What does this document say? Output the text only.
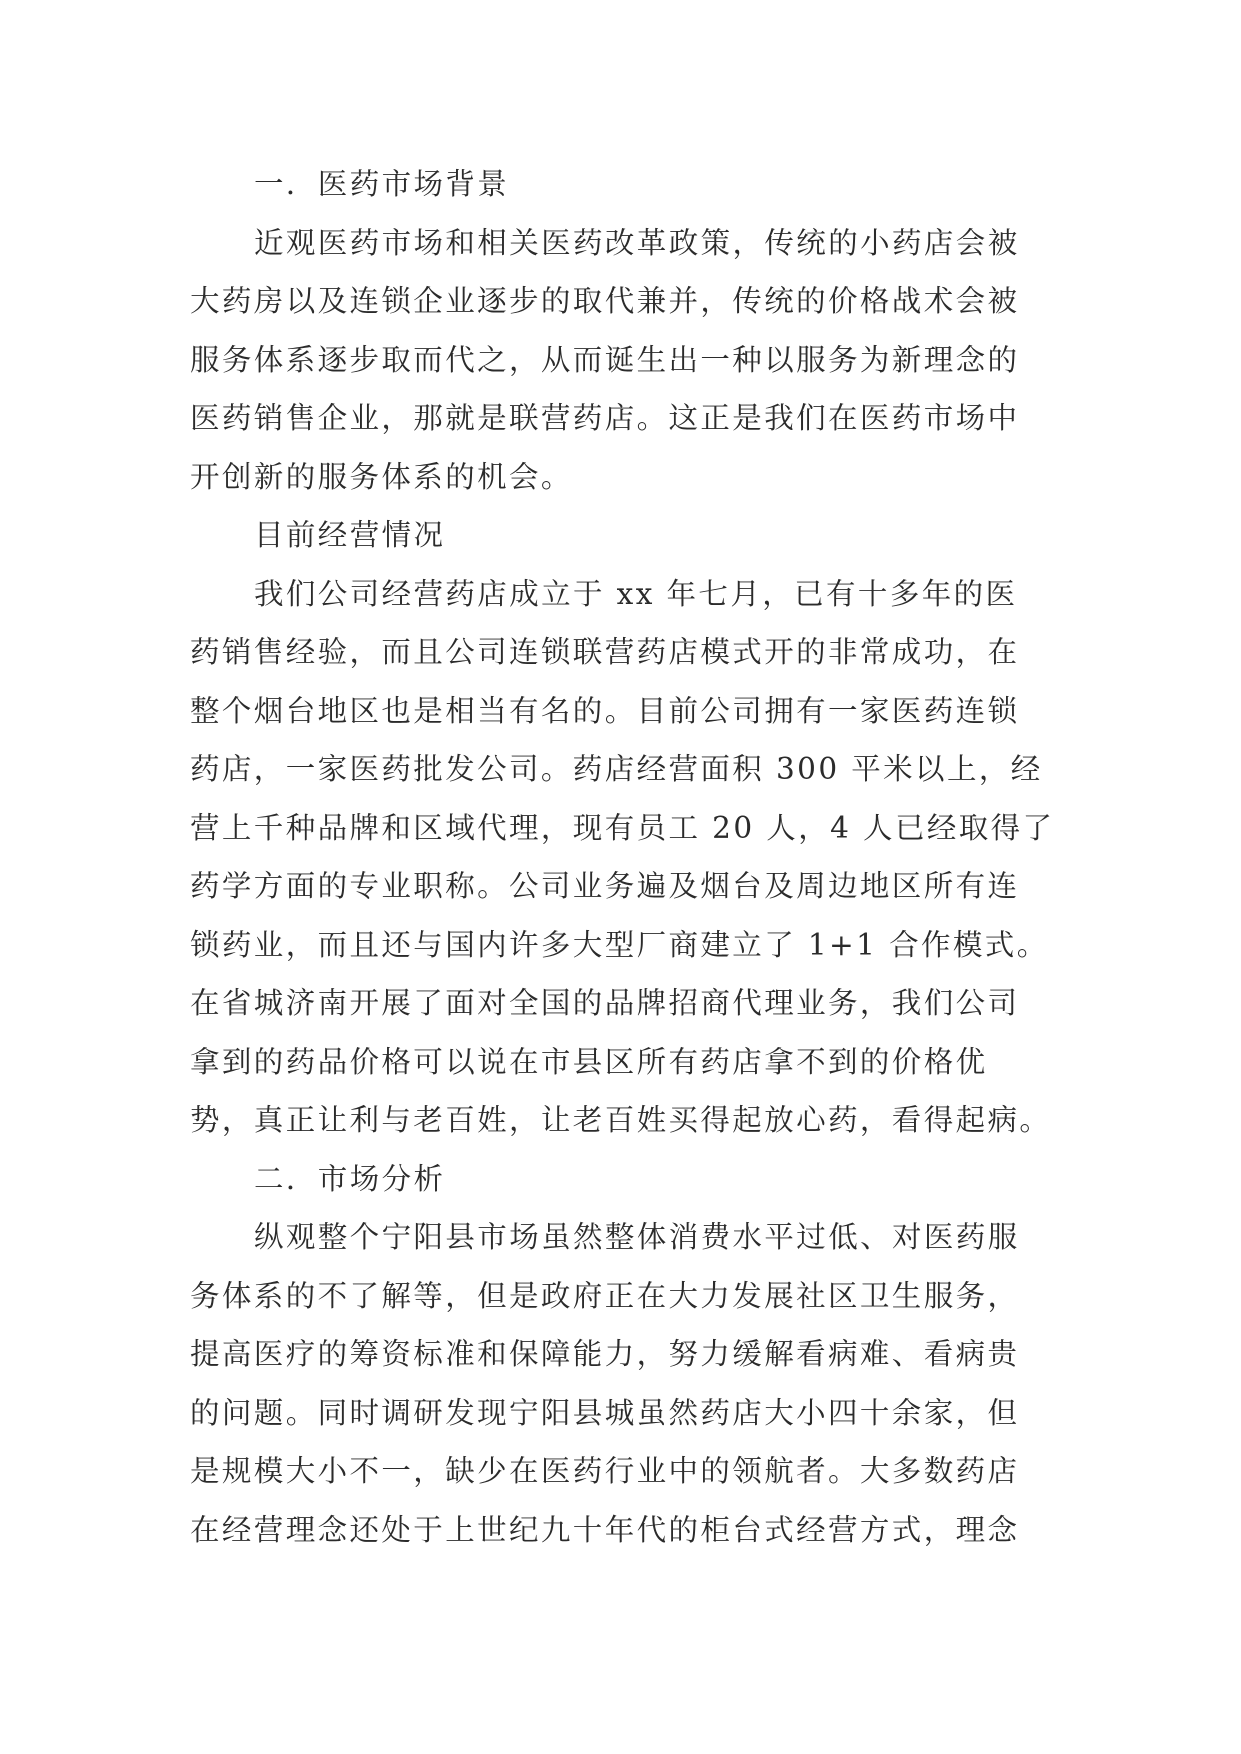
一．医药市场背景
近观医药市场和相关医药改革政策，传统的小药店会被
大药房以及连锁企业逐步的取代兼并，传统的价格战术会被
服务体系逐步取而代之，从而诞生出一种以服务为新理念的
医药销售企业，那就是联营药店。这正是我们在医药市场中
开创新的服务体系的机会。
目前经营情况
我们公司经营药店成立于 xx 年七月，已有十多年的医
药销售经验，而且公司连锁联营药店模式开的非常成功，在
整个烟台地区也是相当有名的。目前公司拥有一家医药连锁
药店，一家医药批发公司。药店经营面积 300 平米以上，经
营上千种品牌和区域代理，现有员工 20 人，4 人已经取得了
药学方面的专业职称。公司业务遍及烟台及周边地区所有连
锁药业，而且还与国内许多大型厂商建立了 1+1 合作模式。
在省城济南开展了面对全国的品牌招商代理业务，我们公司
拿到的药品价格可以说在市县区所有药店拿不到的价格优
势，真正让利与老百姓，让老百姓买得起放心药，看得起病。
二．市场分析
纵观整个宁阳县市场虽然整体消费水平过低、对医药服
务体系的不了解等，但是政府正在大力发展社区卫生服务，
提高医疗的筹资标准和保障能力，努力缓解看病难、看病贵
的问题。同时调研发现宁阳县城虽然药店大小四十余家，但
是规模大小不一，缺少在医药行业中的领航者。大多数药店
在经营理念还处于上世纪九十年代的柜台式经营方式，理念
